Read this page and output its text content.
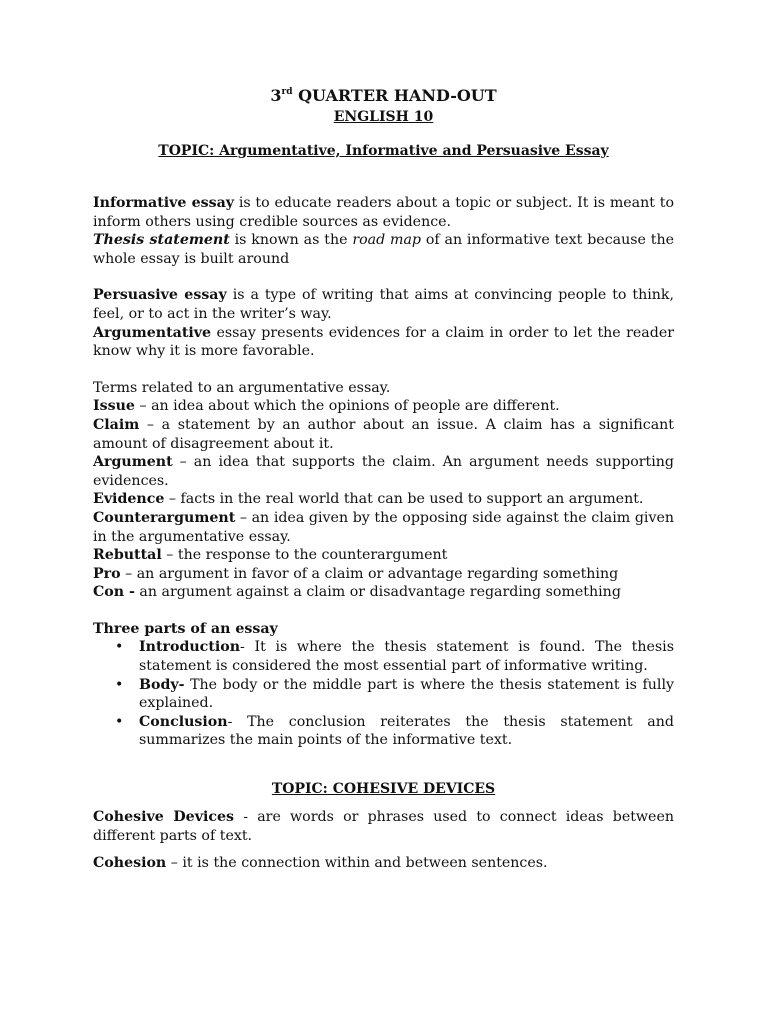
3rd QUARTER HAND-OUT
ENGLISH 10
TOPIC: Argumentative, Informative and Persuasive Essay

Informative essay is to educate readers about a topic or subject. It is meant to inform others using credible sources as evidence.

Thesis statement is known as the road map of an informative text because the whole essay is built around

Persuasive essay is a type of writing that aims at convincing people to think, feel, or to act in the writer’s way.

Argumentative essay presents evidences for a claim in order to let the reader know why it is more favorable.

Terms related to an argumentative essay.

Issue – an idea about which the opinions of people are different.

Claim – a statement by an author about an issue. A claim has a significant amount of disagreement about it.

Argument – an idea that supports the claim. An argument needs supporting evidences.

Evidence – facts in the real world that can be used to support an argument.

Counterargument – an idea given by the opposing side against the claim given in the argumentative essay.

Rebuttal – the response to the counterargument

Pro – an argument in favor of a claim or advantage regarding something

Con - an argument against a claim or disadvantage regarding something

Three parts of an essay

• Introduction- It is where the thesis statement is found. The thesis statement is considered the most essential part of informative writing.
• Body- The body or the middle part is where the thesis statement is fully explained.
• Conclusion- The conclusion reiterates the thesis statement and summarizes the main points of the informative text.
TOPIC: COHESIVE DEVICES

Cohesive Devices - are words or phrases used to connect ideas between different parts of text.

Cohesion – it is the connection within and between sentences.
